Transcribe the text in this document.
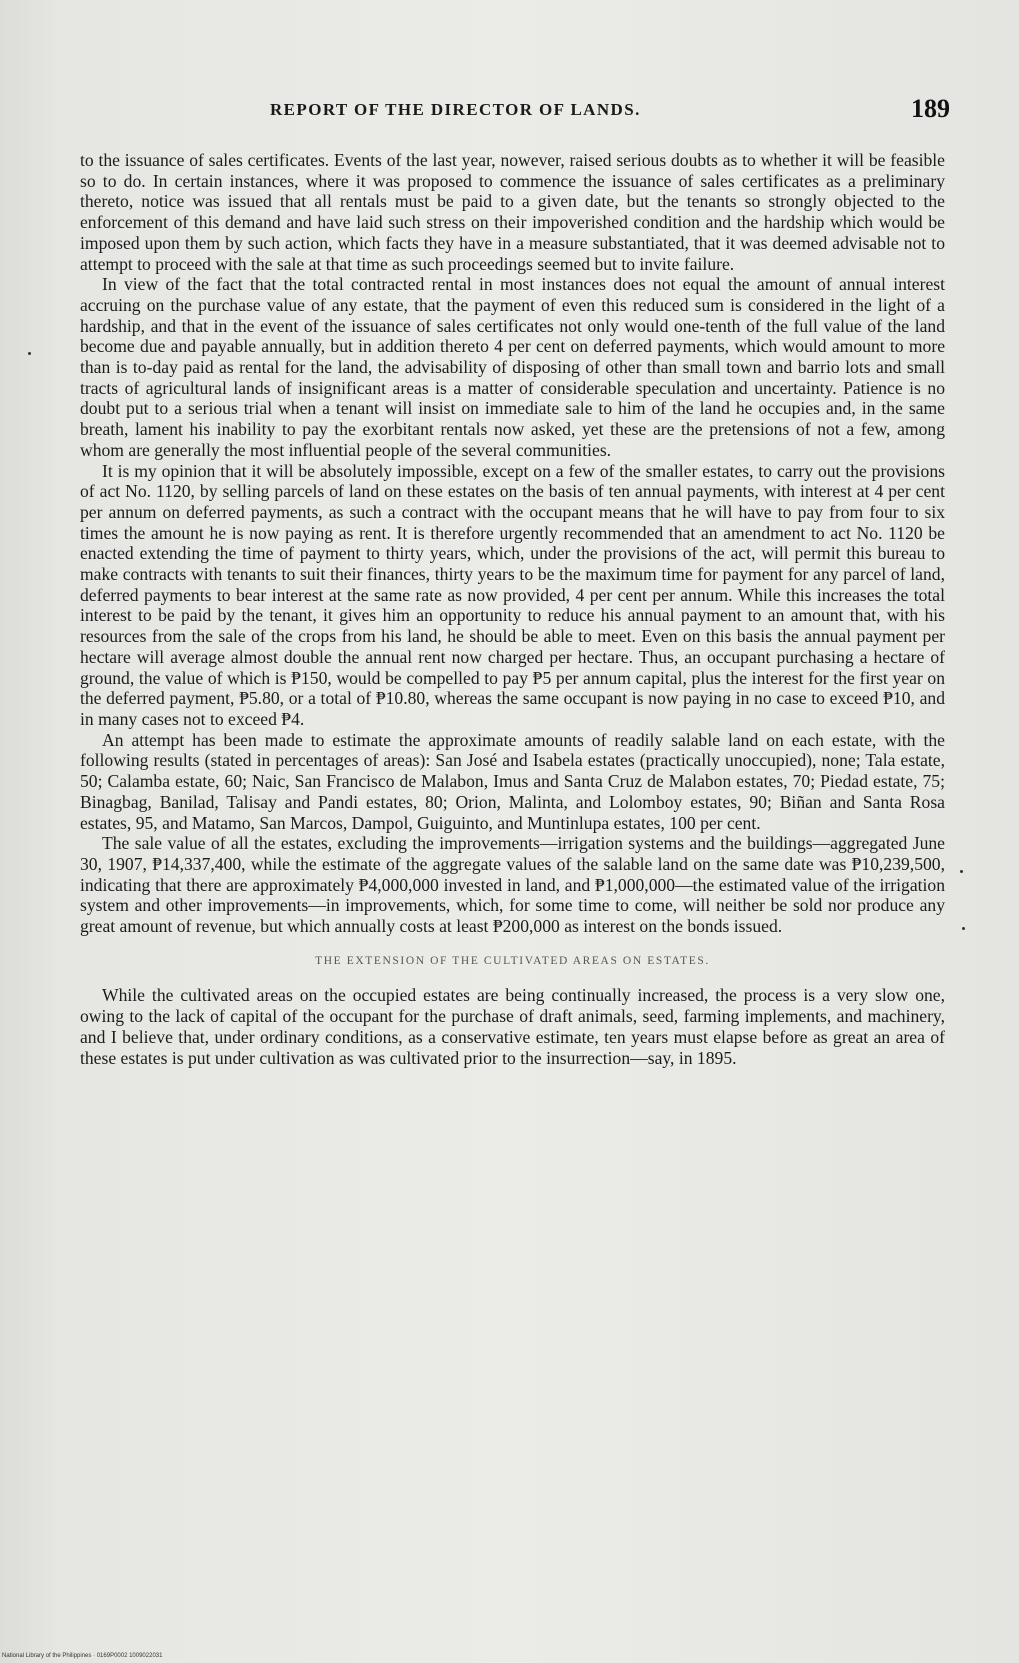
REPORT OF THE DIRECTOR OF LANDS.	189

to the issuance of sales certificates. Events of the last year, nowever, raised serious doubts as to whether it will be feasible so to do. In certain instances, where it was proposed to commence the issuance of sales certificates as a preliminary thereto, notice was issued that all rentals must be paid to a given date, but the tenants so strongly objected to the enforcement of this demand and have laid such stress on their impoverished condition and the hardship which would be imposed upon them by such action, which facts they have in a measure substantiated, that it was deemed advisable not to attempt to proceed with the sale at that time as such proceedings seemed but to invite failure.

In view of the fact that the total contracted rental in most instances does not equal the amount of annual interest accruing on the purchase value of any estate, that the payment of even this reduced sum is considered in the light of a hardship, and that in the event of the issuance of sales certificates not only would one-tenth of the full value of the land become due and payable annually, but in addition thereto 4 per cent on deferred payments, which would amount to more than is to-day paid as rental for the land, the advisability of disposing of other than small town and barrio lots and small tracts of agricultural lands of insignificant areas is a matter of considerable speculation and uncertainty. Patience is no doubt put to a serious trial when a tenant will insist on immediate sale to him of the land he occupies and, in the same breath, lament his inability to pay the exorbitant rentals now asked, yet these are the pretensions of not a few, among whom are generally the most influential people of the several communities.

It is my opinion that it will be absolutely impossible, except on a few of the smaller estates, to carry out the provisions of act No. 1120, by selling parcels of land on these estates on the basis of ten annual payments, with interest at 4 per cent per annum on deferred payments, as such a contract with the occupant means that he will have to pay from four to six times the amount he is now paying as rent. It is therefore urgently recommended that an amendment to act No. 1120 be enacted extending the time of payment to thirty years, which, under the provisions of the act, will permit this bureau to make contracts with tenants to suit their finances, thirty years to be the maximum time for payment for any parcel of land, deferred payments to bear interest at the same rate as now provided, 4 per cent per annum. While this increases the total interest to be paid by the tenant, it gives him an opportunity to reduce his annual payment to an amount that, with his resources from the sale of the crops from his land, he should be able to meet. Even on this basis the annual payment per hectare will average almost double the annual rent now charged per hectare. Thus, an occupant purchasing a hectare of ground, the value of which is ₱150, would be compelled to pay ₱5 per annum capital, plus the interest for the first year on the deferred payment, ₱5.80, or a total of ₱10.80, whereas the same occupant is now paying in no case to exceed ₱10, and in many cases not to exceed ₱4.

An attempt has been made to estimate the approximate amounts of readily salable land on each estate, with the following results (stated in percentages of areas): San José and Isabela estates (practically unoccupied), none; Tala estate, 50; Calamba estate, 60; Naic, San Francisco de Malabon, Imus and Santa Cruz de Malabon estates, 70; Piedad estate, 75; Binagbag, Banilad, Talisay and Pandi estates, 80; Orion, Malinta, and Lolomboy estates, 90; Biñan and Santa Rosa estates, 95, and Matamo, San Marcos, Dampol, Guiguinto, and Muntinlupa estates, 100 per cent.

The sale value of all the estates, excluding the improvements—irrigation systems and the buildings—aggregated June 30, 1907, ₱14,337,400, while the estimate of the aggregate values of the salable land on the same date was ₱10,239,500, indicating that there are approximately ₱4,000,000 invested in land, and ₱1,000,000—the estimated value of the irrigation system and other improvements—in improvements, which, for some time to come, will neither be sold nor produce any great amount of revenue, but which annually costs at least ₱200,000 as interest on the bonds issued.

THE EXTENSION OF THE CULTIVATED AREAS ON ESTATES.

While the cultivated areas on the occupied estates are being continually increased, the process is a very slow one, owing to the lack of capital of the occupant for the purchase of draft animals, seed, farming implements, and machinery, and I believe that, under ordinary conditions, as a conservative estimate, ten years must elapse before as great an area of these estates is put under cultivation as was cultivated prior to the insurrection—say, in 1895.

National Library of the Philippines · 0169P0002 1009022031
